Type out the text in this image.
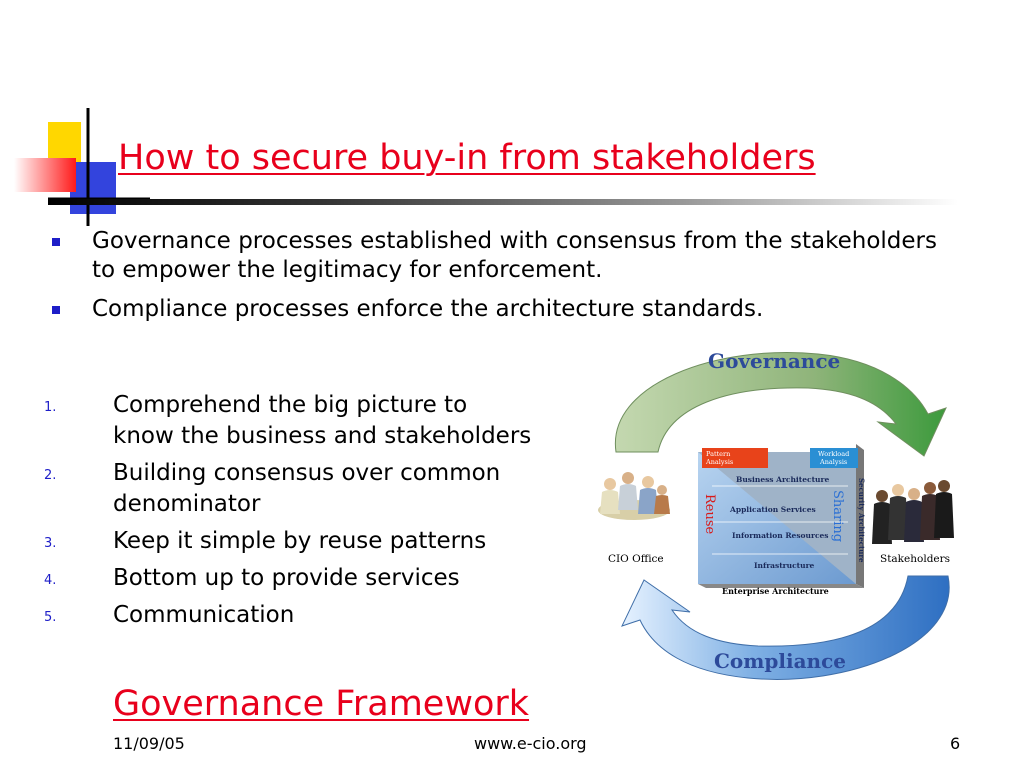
How to secure buy-in from stakeholders
Governance processes established with consensus from the stakeholders to empower the legitimacy for enforcement.
Compliance processes enforce the architecture standards.
1. Comprehend the big picture to
know the business and stakeholders
2. Building consensus over common
denominator
3. Keep it simple by reuse patterns
4. Bottom up to provide services
5. Communication
Governance Framework
Governance
Compliance
Pattern
Analysis
Workload
Analysis
Business Architecture
Application Services
Information Resources
Infrastructure
Reuse	Sharing Security Architecture
Enterprise Architecture
CIO Office	Stakeholders
11/09/05	www.e-cio.org	6
